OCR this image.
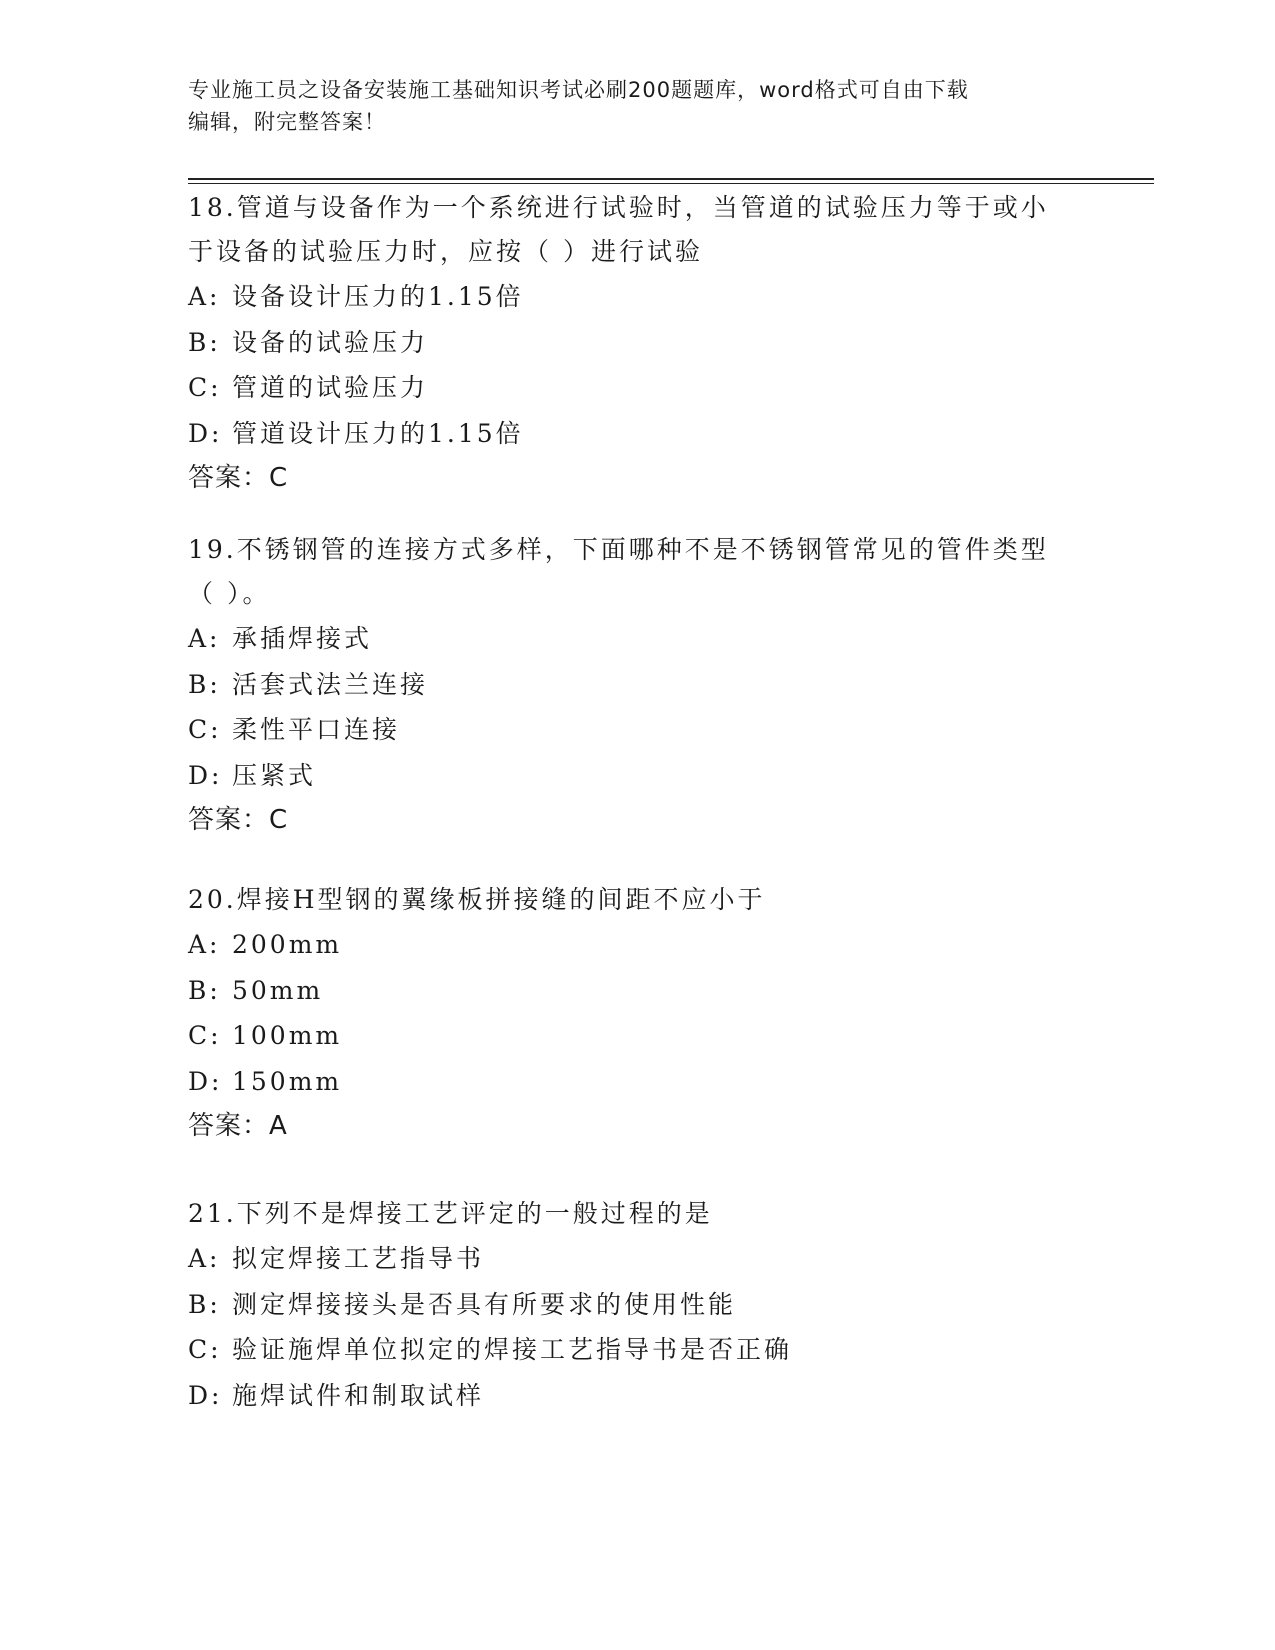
专业施工员之设备安装施工基础知识考试必刷200题题库，word格式可自由下载
编辑，附完整答案！

18.管道与设备作为一个系统进行试验时，当管道的试验压力等于或小
于设备的试验压力时，应按（ ）进行试验

A: 设备设计压力的1.15倍
B: 设备的试验压力
C: 管道的试验压力
D: 管道设计压力的1.15倍

答案：C

19.不锈钢管的连接方式多样，下面哪种不是不锈钢管常见的管件类型
（ ）。

A: 承插焊接式
B: 活套式法兰连接
C: 柔性平口连接
D: 压紧式

答案：C

20.焊接H型钢的翼缘板拼接缝的间距不应小于

A: 200mm
B: 50mm
C: 100mm
D: 150mm

答案：A

21.下列不是焊接工艺评定的一般过程的是

A: 拟定焊接工艺指导书
B: 测定焊接接头是否具有所要求的使用性能
C: 验证施焊单位拟定的焊接工艺指导书是否正确
D: 施焊试件和制取试样
